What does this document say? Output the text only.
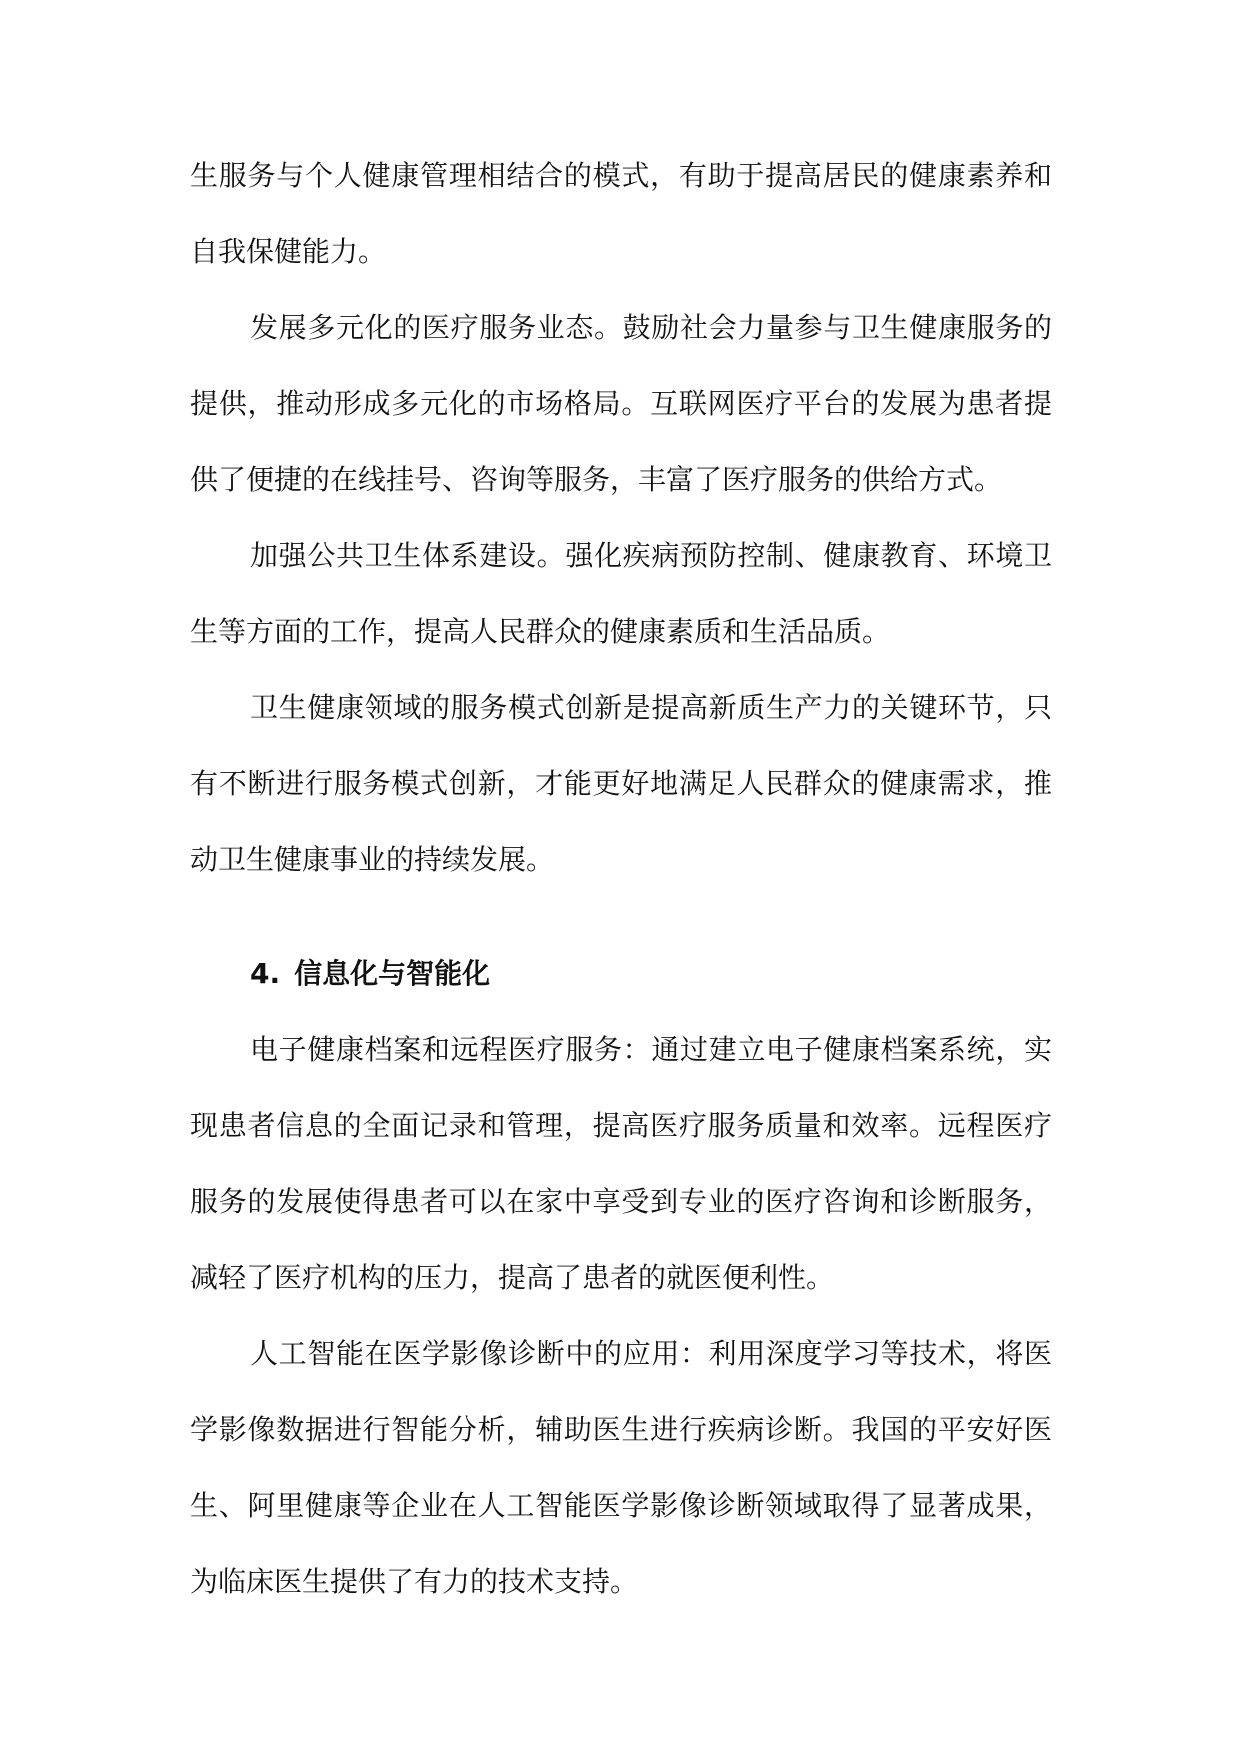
生服务与个人健康管理相结合的模式，有助于提高居民的健康素养和自我保健能力。

发展多元化的医疗服务业态。鼓励社会力量参与卫生健康服务的提供，推动形成多元化的市场格局。互联网医疗平台的发展为患者提供了便捷的在线挂号、咨询等服务，丰富了医疗服务的供给方式。

加强公共卫生体系建设。强化疾病预防控制、健康教育、环境卫生等方面的工作，提高人民群众的健康素质和生活品质。

卫生健康领域的服务模式创新是提高新质生产力的关键环节，只有不断进行服务模式创新，才能更好地满足人民群众的健康需求，推动卫生健康事业的持续发展。

4. 信息化与智能化

电子健康档案和远程医疗服务：通过建立电子健康档案系统，实现患者信息的全面记录和管理，提高医疗服务质量和效率。远程医疗服务的发展使得患者可以在家中享受到专业的医疗咨询和诊断服务，减轻了医疗机构的压力，提高了患者的就医便利性。

人工智能在医学影像诊断中的应用：利用深度学习等技术，将医学影像数据进行智能分析，辅助医生进行疾病诊断。我国的平安好医生、阿里健康等企业在人工智能医学影像诊断领域取得了显著成果，为临床医生提供了有力的技术支持。
